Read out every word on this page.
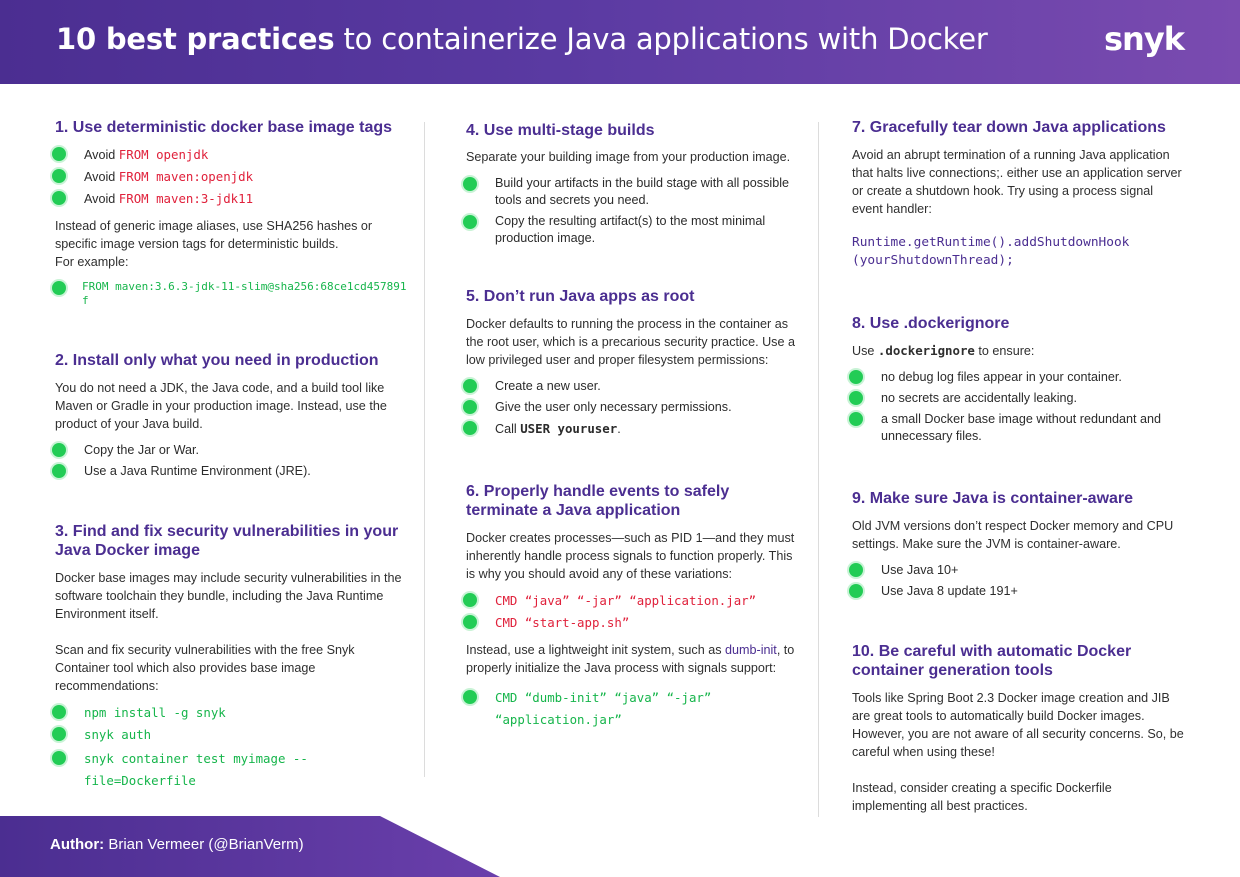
10 best practices to containerize Java applications with Docker	snyk
1. Use deterministic docker base image tags
Avoid FROM openjdk
Avoid FROM maven:openjdk
Avoid FROM maven:3-jdk11
Instead of generic image aliases, use SHA256 hashes or specific image version tags for deterministic builds.
For example:
FROM maven:3.6.3-jdk-11-slim@sha256:68ce1cd457891f
2. Install only what you need in production
You do not need a JDK, the Java code, and a build tool like Maven or Gradle in your production image. Instead, use the product of your Java build.
Copy the Jar or War.
Use a Java Runtime Environment (JRE).
3. Find and fix security vulnerabilities in your Java Docker image
Docker base images may include security vulnerabilities in the software toolchain they bundle, including the Java Runtime Environment itself.
Scan and fix security vulnerabilities with the free Snyk Container tool which also provides base image recommendations:
npm install -g snyk
snyk auth
snyk container test myimage --file=Dockerfile
4. Use multi-stage builds
Separate your building image from your production image.
Build your artifacts in the build stage with all possible tools and secrets you need.
Copy the resulting artifact(s) to the most minimal production image.
5. Don’t run Java apps as root
Docker defaults to running the process in the container as the root user, which is a precarious security practice. Use a low privileged user and proper filesystem permissions:
Create a new user.
Give the user only necessary permissions.
Call USER youruser.
6. Properly handle events to safely terminate a Java application
Docker creates processes—such as PID 1—and they must inherently handle process signals to function properly. This is why you should avoid any of these variations:
CMD “java” “-jar” “application.jar”
CMD “start-app.sh”
Instead, use a lightweight init system, such as dumb-init, to properly initialize the Java process with signals support:
CMD “dumb-init” “java” “-jar” “application.jar”
7. Gracefully tear down Java applications
Avoid an abrupt termination of a running Java application that halts live connections;. either use an application server or create a shutdown hook. Try using a process signal event handler:
Runtime.getRuntime().addShutdownHook (yourShutdownThread);
8. Use .dockerignore
Use .dockerignore to ensure:
no debug log files appear in your container.
no secrets are accidentally leaking.
a small Docker base image without redundant and unnecessary files.
9. Make sure Java is container-aware
Old JVM versions don’t respect Docker memory and CPU settings. Make sure the JVM is container-aware.
Use Java 10+
Use Java 8 update 191+
10. Be careful with automatic Docker container generation tools
Tools like Spring Boot 2.3 Docker image creation and JIB are great tools to automatically build Docker images. However, you are not aware of all security concerns. So, be careful when using these!
Instead, consider creating a specific Dockerfile implementing all best practices.
Author: Brian Vermeer (@BrianVerm)
